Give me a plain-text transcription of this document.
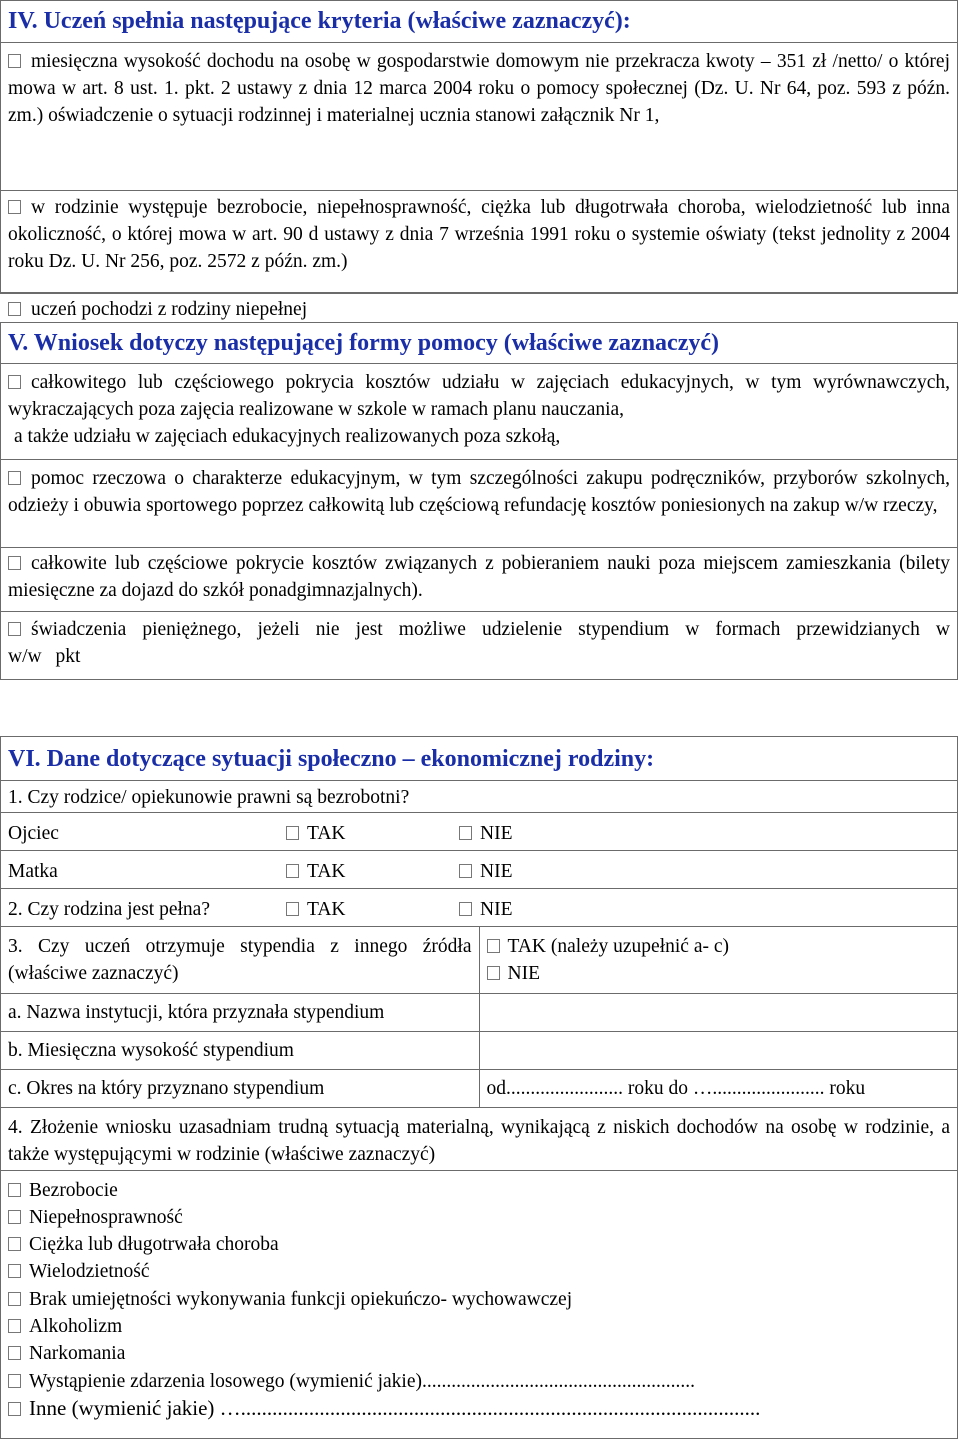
IV. Uczeń spełnia następujące kryteria (właściwe zaznaczyć):
miesięczna wysokość dochodu na osobę w gospodarstwie domowym nie przekracza kwoty – 351 zł /netto/ o której mowa w art. 8 ust. 1. pkt. 2 ustawy z dnia 12 marca 2004 roku o pomocy społecznej (Dz. U. Nr 64, poz. 593 z późn. zm.) oświadczenie o sytuacji rodzinnej i materialnej ucznia stanowi załącznik Nr 1,
w rodzinie występuje bezrobocie, niepełnosprawność, ciężka lub długotrwała choroba, wielodzietność lub inna okoliczność, o której mowa w art. 90 d ustawy z dnia 7 września 1991 roku o systemie oświaty (tekst jednolity z 2004 roku Dz. U. Nr 256, poz. 2572 z późn. zm.)
uczeń pochodzi z rodziny niepełnej
V. Wniosek dotyczy następującej formy pomocy (właściwe zaznaczyć)
całkowitego lub częściowego pokrycia kosztów udziału w zajęciach edukacyjnych, w tym wyrównawczych, wykraczających poza zajęcia realizowane w szkole w ramach planu nauczania,
a także udziału w zajęciach edukacyjnych realizowanych poza szkołą,
pomoc rzeczowa o charakterze edukacyjnym, w tym szczególności zakupu podręczników, przyborów szkolnych, odzieży i obuwia sportowego poprzez całkowitą lub częściową refundację kosztów poniesionych na zakup w/w rzeczy,
całkowite lub częściowe pokrycie kosztów związanych z pobieraniem nauki poza miejscem zamieszkania (bilety miesięczne za dojazd do szkół ponadgimnazjalnych).
świadczenia pieniężnego, jeżeli nie jest możliwe udzielenie stypendium w formach przewidzianych w w/w pkt
VI. Dane dotyczące sytuacji społeczno – ekonomicznej rodziny:
1. Czy rodzice/ opiekunowie prawni są bezrobotni?
Ojciec	TAK	NIE
Matka	TAK	NIE
2. Czy rodzina jest pełna?	TAK	NIE
3. Czy uczeń otrzymuje stypendia z innego źródła (właściwe zaznaczyć)	TAK (należy uzupełnić a- c)
NIE

a. Nazwa instytucji, która przyznała stypendium	
b. Miesięczna wysokość stypendium	
c. Okres na który przyznano stypendium	od........................ roku do …....................... roku
4. Złożenie wniosku uzasadniam trudną sytuacją materialną, wynikającą z niskich dochodów na osobę w rodzinie, a także występującymi w rodzinie (właściwe zaznaczyć)
Bezrobocie
Niepełnosprawność
Ciężka lub długotrwała choroba
Wielodzietność
Brak umiejętności wykonywania funkcji opiekuńczo- wychowawczej
Alkoholizm
Narkomania
Wystąpienie zdarzenia losowego (wymienić jakie)........................................................
Inne (wymienić jakie) …...................................................................................................
